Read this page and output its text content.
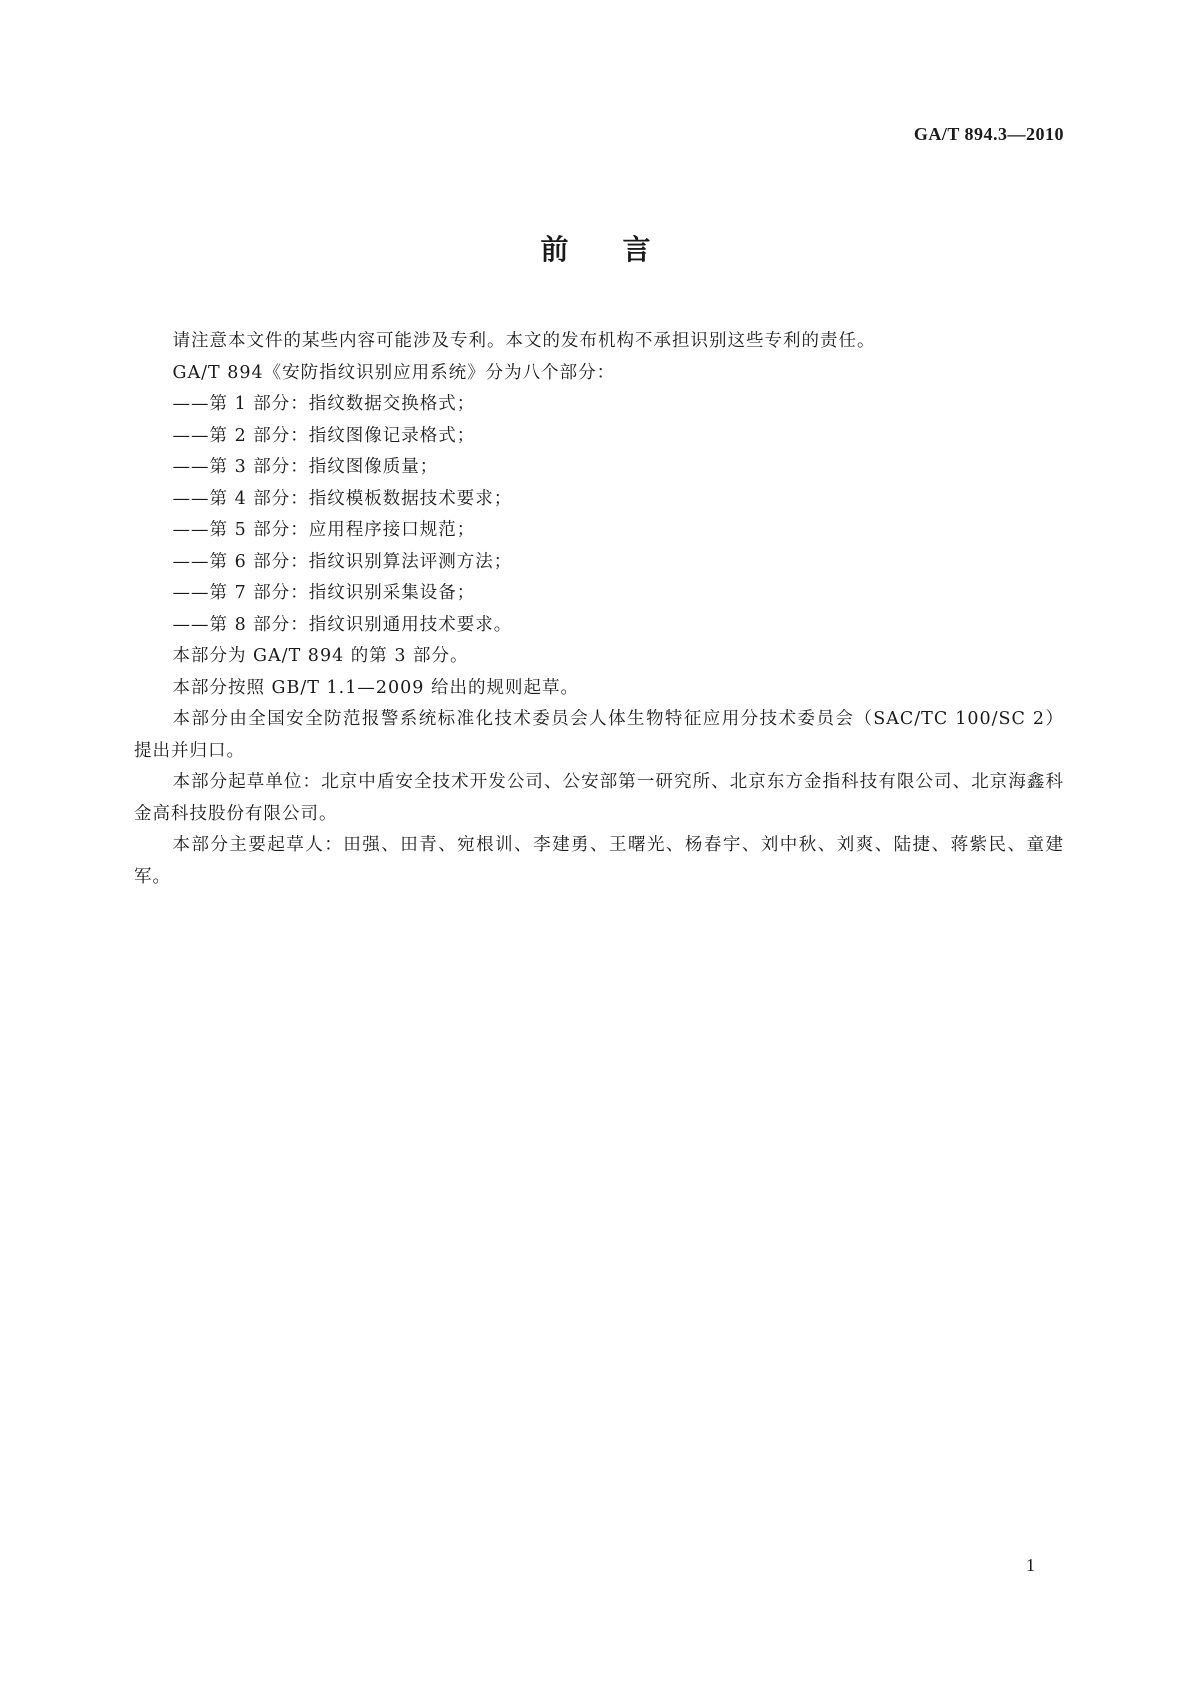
GA/T 894.3—2010
前言

请注意本文件的某些内容可能涉及专利。本文的发布机构不承担识别这些专利的责任。

GA/T 894《安防指纹识别应用系统》分为八个部分：

——第 1 部分：指纹数据交换格式；

——第 2 部分：指纹图像记录格式；

——第 3 部分：指纹图像质量；

——第 4 部分：指纹模板数据技术要求；

——第 5 部分：应用程序接口规范；

——第 6 部分：指纹识别算法评测方法；

——第 7 部分：指纹识别采集设备；

——第 8 部分：指纹识别通用技术要求。

本部分为 GA/T 894 的第 3 部分。

本部分按照 GB/T 1.1—2009 给出的规则起草。

本部分由全国安全防范报警系统标准化技术委员会人体生物特征应用分技术委员会（SAC/TC 100/SC 2）提出并归口。

本部分起草单位：北京中盾安全技术开发公司、公安部第一研究所、北京东方金指科技有限公司、北京海鑫科金高科技股份有限公司。

本部分主要起草人：田强、田青、宛根训、李建勇、王曙光、杨春宇、刘中秋、刘爽、陆捷、蒋紫民、童建军。

1
